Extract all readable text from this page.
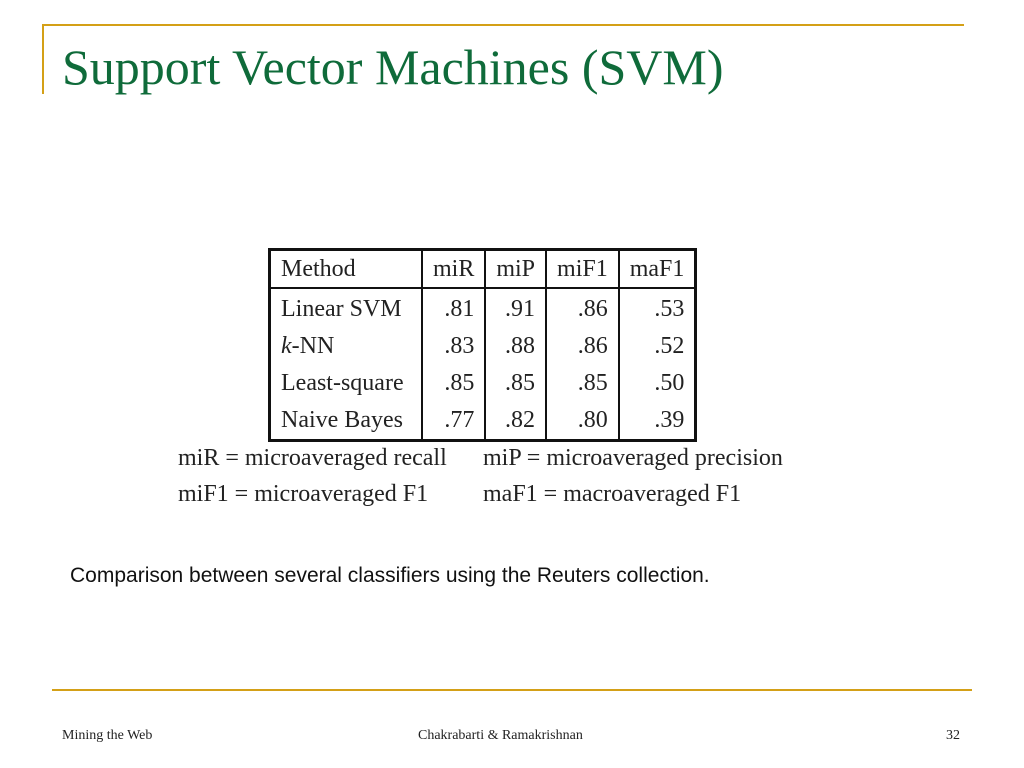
Support Vector Machines (SVM)
Method	miR	miP	miF1	maF1
Linear SVM	.81	.91	.86	.53
k-NN	.83	.88	.86	.52
Least-square	.85	.85	.85	.50
Naive Bayes	.77	.82	.80	.39
miR = microaveraged recall	miP = microaveraged precision
miF1 = microaveraged F1	maF1 = macroaveraged F1
Comparison between several classifiers using the Reuters collection.
Mining the Web	Chakrabarti & Ramakrishnan	32
